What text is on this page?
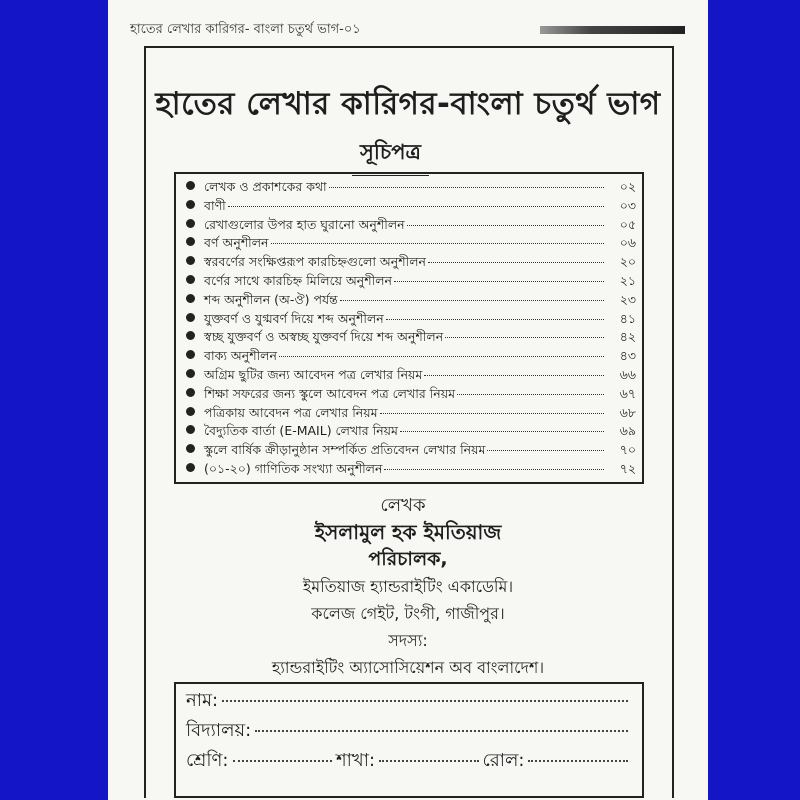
হাতের লেখার কারিগর- বাংলা চতুর্থ ভাগ-০১
হাতের লেখার কারিগর-বাংলা চতুর্থ ভাগ
সূচিপত্র
লেখক ও প্রকাশকের কথা	০২
বাণী	০৩
রেখাগুলোর উপর হাত ঘুরানো অনুশীলন	০৫
বর্ণ অনুশীলন	০৬
স্বরবর্ণের সংক্ষিপ্তরূপ কারচিহ্নগুলো অনুশীলন	২০
বর্ণের সাথে কারচিহ্ন মিলিয়ে অনুশীলন	২১
শব্দ অনুশীলন (অ-ঔ) পর্যন্ত	২৩
যুক্তবর্ণ ও যুগ্মবর্ণ দিয়ে শব্দ অনুশীলন	৪১
স্বচ্ছ যুক্তবর্ণ ও অস্বচ্ছ যুক্তবর্ণ দিয়ে শব্দ অনুশীলন	৪২
বাক্য অনুশীলন	৪৩
অগ্রিম ছুটির জন্য আবেদন পত্র লেখার নিয়ম	৬৬
শিক্ষা সফরের জন্য স্কুলে আবেদন পত্র লেখার নিয়ম	৬৭
পত্রিকায় আবেদন পত্র লেখার নিয়ম	৬৮
বৈদ্যুতিক বার্তা (E-MAIL) লেখার নিয়ম	৬৯
স্কুলে বার্ষিক ক্রীড়ানুষ্ঠান সম্পর্কিত প্রতিবেদন লেখার নিয়ম	৭০
(০১-২০) গাণিতিক সংখ্যা অনুশীলন	৭২
লেখক
ইসলামুল হক ইমতিয়াজ
পরিচালক,
ইমতিয়াজ হ্যান্ডরাইটিং একাডেমি।
কলেজ গেইট, টংগী, গাজীপুর।
সদস্য:
হ্যান্ডরাইটিং অ্যাসোসিয়েশন অব বাংলাদেশ।
নাম:
বিদ্যালয়:
শ্রেণি:	শাখা:	রোল:
